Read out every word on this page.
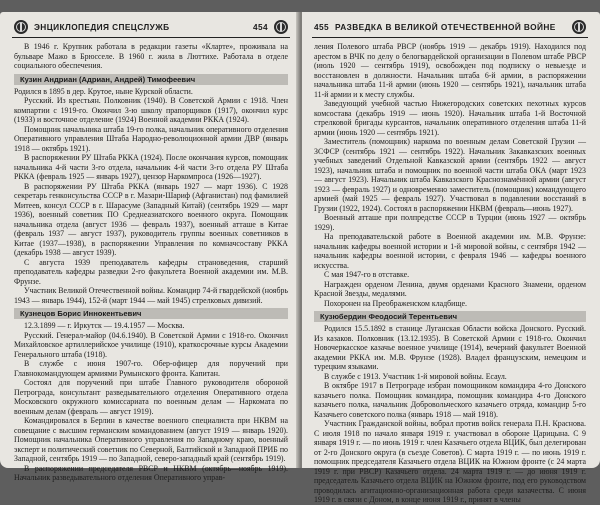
ЭНЦИКЛОПЕДИЯ СПЕЦСЛУЖБ	454

В 1946 г. Крупник работала в редакции газеты «Кларте», проживала на бульваре Мажо в Брюсселе. В 1960 г. жила в Люттихе. Работала в отделе социального обеспечения.

Кузин Андриан (Адриан, Андрей) Тимофеевич

Родился в 1895 в дер. Крутое, ныне Курской области.

Русский. Из крестьян. Полковник (1940). В Советской Армии с 1918. Член компартии с 1919-го. Окончил 3-ю школу прапорщиков (1917), окончил курс (1933) и восточное отделение (1924) Военной академии РККА (1924).

Помощник начальника штаба 19-го полка, начальник оперативного отделения Оперативного управления Штаба Народно-революционной армии ДВР (январь 1918 — октябрь 1921).

В распоряжении РУ Штаба РККА (1924). После окончания курсов, помощник начальника 4-й части 3-го отдела, начальник 4-й части 3-го отдела РУ Штаба РККА (февраль 1925 — январь 1927), цензор Наркомпроса (1926—1927).

В распоряжении РУ Штаба РККА (январь 1927 — март 1936). С 1928 секретарь генконсульства СССР в г. Мазари-Шариф (Афганистан) под фамилией Митеев, консул СССР в г. Шарасуме (Западный Китай) (сентябрь 1929 — март 1936), военный советник ПО Среднеазиатского военного округа. Помощник начальника отдела (август 1936 — февраль 1937), военный атташе в Китае (февраль 1937 — август 1937), руководитель группы военных советников в Китае (1937—1938), в распоряжении Управления по комначсоставу РККА (декабрь 1938 — август 1939).

С августа 1939 преподаватель кафедры страноведения, старший преподаватель кафедры разведки 2-го факультета Военной академии им. М.В. Фрунзе.

Участник Великой Отечественной войны. Командир 74-й гвардейской (ноябрь 1943 — январь 1944), 152-й (март 1944 — май 1945) стрелковых дивизий.

Кузнецов Борис Иннокентьевич

12.3.1899 — г. Иркутск — 19.4.1957 — Москва.

Русский. Генерал-майор (04.6.1940). В Советской Армии с 1918-го. Окончил Михайловское артиллерийское училище (1910), краткосрочные курсы Академии Генерального штаба (1918).

В службе с июня 1907-го. Обер-офицер для поручений при Главнокомандующем армиями Румынского фронта. Капитан.

Состоял для поручений при штабе Главного руководителя обороной Петрограда, консультант разведывательного отделения Оперативного отдела Московского окружного комиссариата по военным делам — Наркомата по военным делам (февраль — август 1919).

Командировался в Берлин в качестве военного специалиста при НКВМ на совещание с высшим германским командованием (август 1919 — январь 1920). Помощник начальника Оперативного управления по Западному краю, военный эксперт и политический советник по Северной, Балтийской и Западной ПРИБ по Западной, сентябрь 1919 — по Западной, северо-западный край (сентябрь 1919).

В распоряжении председателя РВСР и НКВМ (октябрь—ноябрь 1919). Начальник разведывательного отделения Оперативного управ-

455 РАЗВЕДКА В ВЕЛИКОЙ ОТЕЧЕСТВЕННОЙ ВОЙНЕ

ления Полевого штаба РВСР (ноябрь 1919 — декабрь 1919). Находился под арестом в ВЧК по делу о белогвардейской организации в Полевом штабе РВСР (июль 1920 — сентябрь 1919), освобожден под подписку о невыезде и восстановлен в должности. Начальник штаба 6-й армии, в распоряжении начальника штаба 11-й армии (июнь 1920 — сентябрь 1921), начальник штаба 11-й армии и к месту службы.

Заведующий учебной частью Нижегородских советских пехотных курсов комсостава (декабрь 1919 — июнь 1920). Начальник штаба 1-й Восточной стрелковой бригады курсантов, начальник оперативного отделения штаба 11-й армии (июнь 1920 — сентябрь 1921).

Заместитель (помощник) наркома по военным делам Советской Грузии — ЗСФСР (сентябрь 1921 — сентябрь 1922). Начальник Закавказских военных учебных заведений Отдельной Кавказской армии (сентябрь 1922 — август 1923), начальник штаба и помощник по военной части штаба ОКА (март 1923 — август 1923). Начальник штаба Кавказского Краснознамённой армии (август 1923 — февраль 1927) и одновременно заместитель (помощник) командующего армией (май 1925 — февраль 1927). Участвовал в подавлении восстаний в Грузии (1922, 1924). Состоял в распоряжении НКВМ (февраль—июнь 1927).

Военный атташе при полпредстве СССР в Турции (июнь 1927 — октябрь 1929).

На преподавательской работе в Военной академии им. М.В. Фрунзе: начальник кафедры военной истории и 1-й мировой войны, с сентября 1942 — начальник кафедры военной истории, с февраля 1946 — кафедры военного искусства.

С мая 1947-го в отставке.

Награжден орденом Ленина, двумя орденами Красного Знамени, орденом Красной Звезды, медалями.

Похоронен на Преображенском кладбище.

Кузюбердин Феодосий Терентьевич

Родился 15.5.1892 в станице Луганская Области войска Донского. Русский. Из казаков. Полковник (13.12.1935). В Советской Армии с 1918-го. Окончил Новочеркасское казачье военное училище (1914), вечерний факультет Военной академии РККА им. М.В. Фрунзе (1928). Владел французским, немецким и турецким языками.

В службе с 1913. Участник 1-й мировой войны. Есаул.

В октябре 1917 в Петрограде избран помощником командира 4-го Донского казачьего полка. Помощник командира, помощник командира 4-го Донского казачьего полка, начальник Добровольческого казачьего отряда, командир 5-го Казачьего советского полка (январь 1918 — май 1918).

Участник Гражданской войны, вобрал против войск генерала П.Н. Краснова. С июля 1918 по начало января 1919 г. участвовал в обороне Царицына. С 9 января 1919 г. — по июнь 1919 г. член Казачьего отдела ВЦИК, был делегирован от 2-го Донского округа (в съезде Советов). С марта 1919 г. — по июнь 1919 г. помощник председателя Казачьего отдела ВЦИК на Южном фронте (с 24 марта 1919 г. при РВСР) Казачьего отдела. 24 марта 1919 г. — до июня 1919 г. председатель Казачьего отдела ВЦИК на Южном фронте, под его руководством проводилась агитационно-организационная работа среди казачества. С июня 1919 г. в связи с Доном, в конце июня 1919 г., принят в члены
